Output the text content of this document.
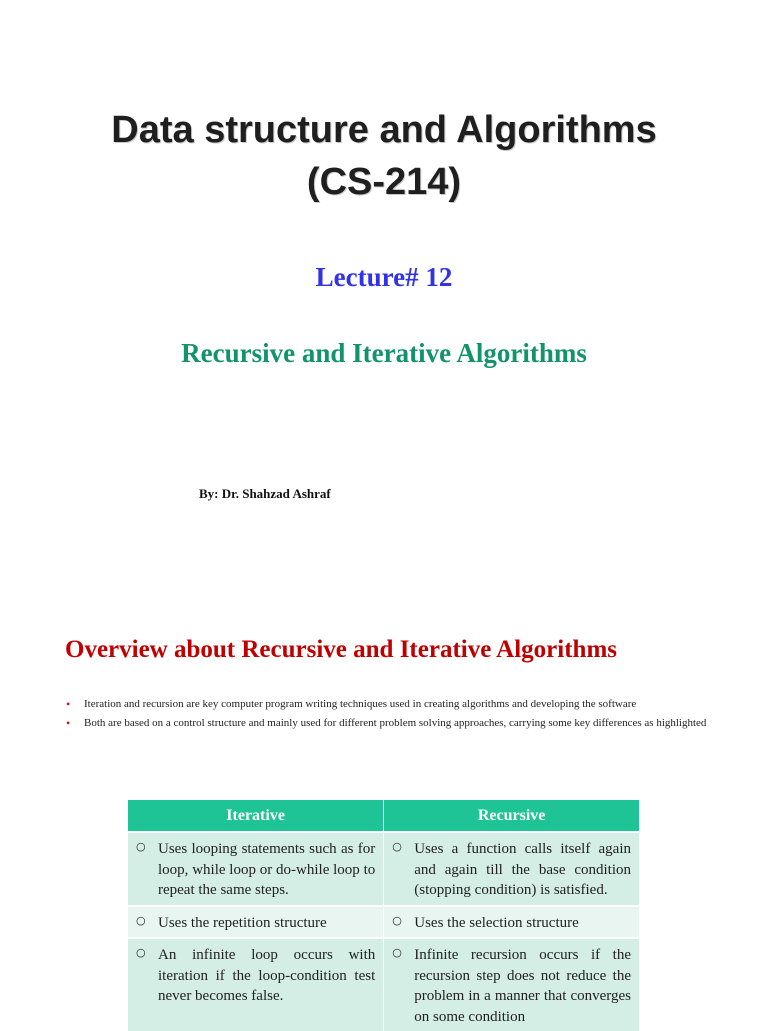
Data structure and Algorithms
(CS-214)
Lecture# 12
Recursive and Iterative Algorithms
By: Dr. Shahzad Ashraf
Overview about Recursive and Iterative Algorithms
• Iteration and recursion are key computer program writing techniques used in creating algorithms and developing the software
• Both are based on a control structure and mainly used for different problem solving approaches, carrying some key differences as highlighted
Iterative	Recursive

○ Uses looping statements such as for loop, while loop or do-while loop to repeat the same steps.	○ Uses a function calls itself again and again till the base condition (stopping condition) is satisfied.

○ Uses the repetition structure	○ Uses the selection structure

○ An infinite loop occurs with iteration if the loop-condition test never becomes false.	○ Infinite recursion occurs if the recursion step does not reduce the problem in a manner that converges on some condition
